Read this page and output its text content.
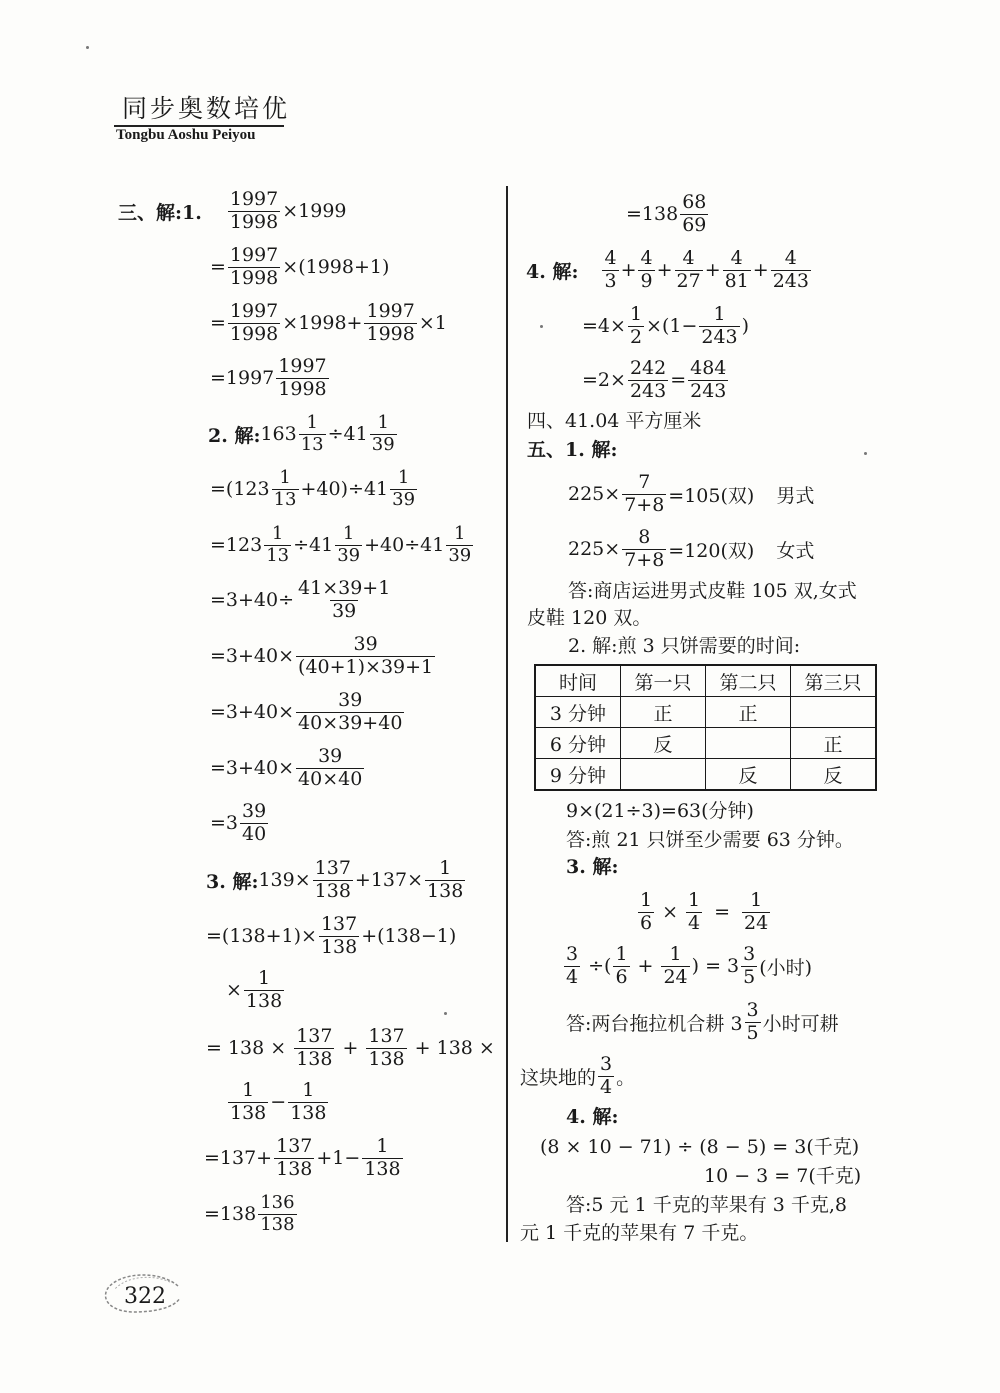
同步奥数培优
Tongbu Aoshu Peiyou
三、解:1. $\frac{1997}{1998} \times 1999$
= $\frac{1997}{1998} \times(1998+1)$
= $\frac{1997}{1998} \times 1998+ \frac{1997}{1998} \times 1$
$=1997 \frac{1997}{1998}$
2. 解: $163 \frac{1}{13} \div 41 \frac{1}{39}$
$=(123 \frac{1}{13} +40)\div 41 \frac{1}{39}$
$=123 \frac{1}{13} \div 41 \frac{1}{39} +40\div 41 \frac{1}{39}$
$=3+40\div \frac{41\times 39+1}{39}$
$=3+40\times \frac{39}{(40+1)\times 39+1}$
$=3+40\times \frac{39}{40\times 39+40}$
$=3+40\times \frac{39}{40\times 40}$
$=3 \frac{39}{40}$
3. 解: $139\times \frac{137}{138} +137\times \frac{1}{138}$
$=(138+1)\times \frac{137}{138} +(138-1)$
× $\frac{1}{138}$
= $138 \times \frac{137}{138} + \frac{137}{138} + 138$ ×
$\frac{1}{138} - \frac{1}{138}$
$=137+ \frac{137}{138} +1- \frac{1}{138}$
$=138 \frac{136}{138}$
$=138 \frac{68}{69}$
4. 解: $\frac{4}{3} + \frac{4}{9} + \frac{4}{27} + \frac{4}{81} + \frac{4}{243}$
$=4\times \frac{1}{2} \times(1- \frac{1}{243}$ )
$=2\times \frac{242}{243} = \frac{484}{243}$
四、41.04 平方厘米
五、1. 解:
$225\times \frac{7}{7+8} =105$(双) 男式
$225\times \frac{8}{7+8} =120$(双) 女式
答:商店运进男式皮鞋 105 双,女式
皮鞋 120 双。
2. 解:煎 3 只饼需要的时间:
时间	第一只	第二只	第三只
3 分钟	正	正	
6 分钟	反		正
9 分钟		反	反
9×(21÷3)=63(分钟)
答:煎 21 只饼至少需要 63 分钟。
3. 解:
$\frac{1}{6} \times \frac{1}{4} = \frac{1}{24}$
$\frac{3}{4}$ ÷( $\frac{1}{6} + \frac{1}{24}$ ) = $3 \frac{3}{5}$ (小时)
答:两台拖拉机合耕 $3 \frac{3}{5}$ 小时可耕
这块地的 $\frac{3}{4}$ 。
4. 解:
(8 × 10 − 71) ÷ (8 − 5) = 3(千克)
10 − 3 = 7(千克)
答:5 元 1 千克的苹果有 3 千克,8
元 1 千克的苹果有 7 千克。
322
